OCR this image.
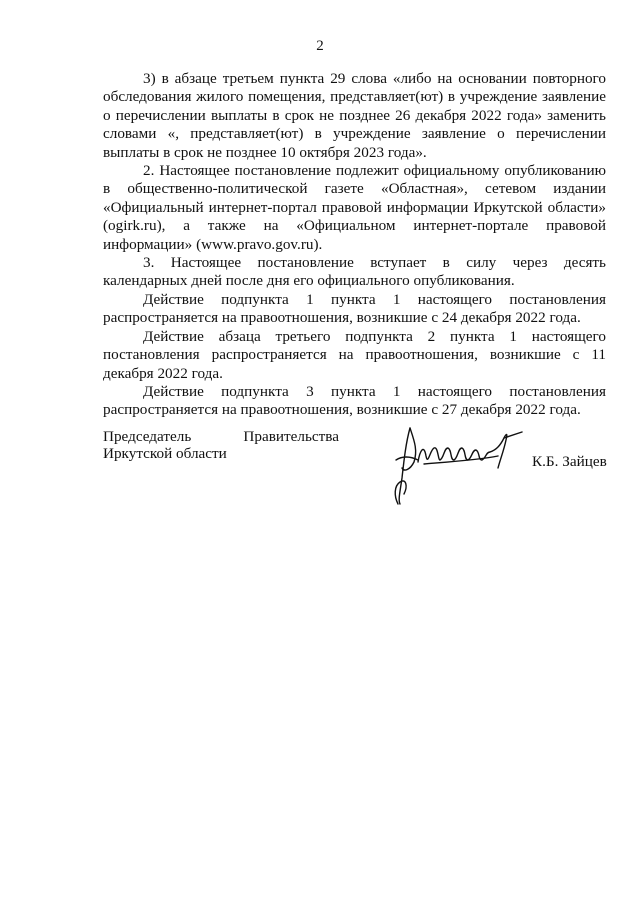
2

3) в абзаце третьем пункта 29 слова «либо на основании повторного обследования жилого помещения, представляет(ют) в учреждение заявление о перечислении выплаты в срок не позднее 26 декабря 2022 года» заменить словами «, представляет(ют) в учреждение заявление о перечислении выплаты в срок не позднее 10 октября 2023 года».

2. Настоящее постановление подлежит официальному опубликованию в общественно-политической газете «Областная», сетевом издании «Официальный интернет-портал правовой информации Иркутской области» (ogirk.ru), а также на «Официальном интернет-портале правовой информации» (www.pravo.gov.ru).

3. Настоящее постановление вступает в силу через десять календарных дней после дня его официального опубликования.

Действие подпункта 1 пункта 1 настоящего постановления распространяется на правоотношения, возникшие с 24 декабря 2022 года.

Действие абзаца третьего подпункта 2 пункта 1 настоящего постановления распространяется на правоотношения, возникшие с 11 декабря 2022 года.

Действие подпункта 3 пункта 1 настоящего постановления распространяется на правоотношения, возникшие с 27 декабря 2022 года.

Председатель	Правительства
Иркутской области	К.Б. Зайцев
